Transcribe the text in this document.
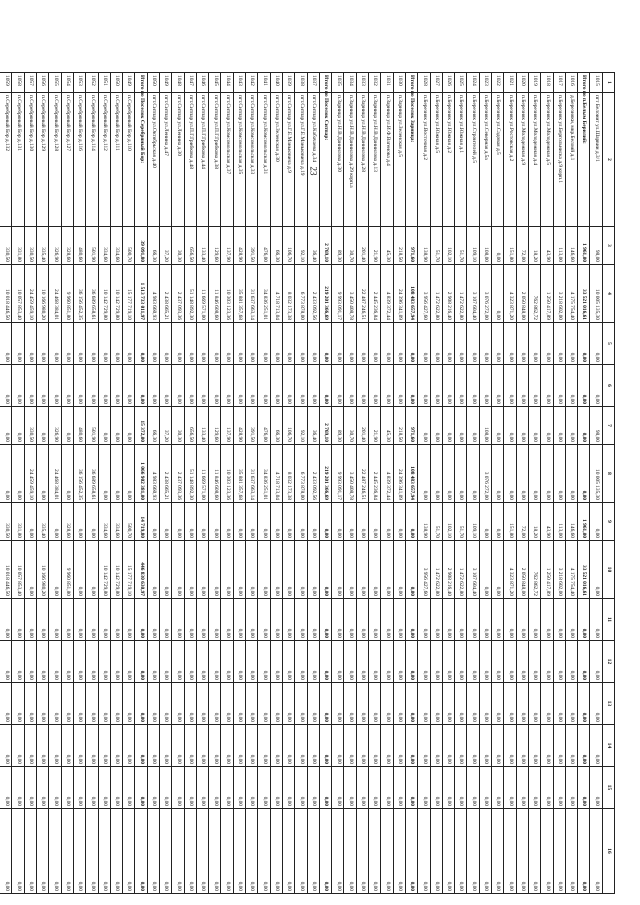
23
1	2	3	4	5	6	7	8	9	10	11	12	13	14	15	16
1015	пгт Белоиит ул.Шарвии д.3/1	98,00	10 005 135,30	0,00	0,00	98,00	10 005 135,30	0,00	0,00	0,00	0,00	0,00	0,00	0,00	0,00
Итого по п.Белым Берилий:		1 961,00	33 521 016,61	0,00	0,00	0,00	0,00	1 961,00	33 521 016,61	0,00	0,00	0,00	0,00	0,00	0,00
1016	д.Березняки, мкр.Белоий д.1	146,60	4 175 754,40	0,00	0,00	0,00	0,00	146,60	4 175 754,40	0,00	0,00	0,00	0,00	0,00	0,00
1017	п.Березняк ул.Бергольниска д.9 корп.1	113,00	3 218 602,00	0,00	0,00	0,00	0,00	113,00	3 218 602,00	0,00	0,00	0,00	0,00	0,00	0,00
1018	п.Березняк ул.Молодежная д.5	43,90	1 250 417,89	0,00	0,00	0,00	0,00	43,90	1 250 417,89	0,00	0,00	0,00	0,00	0,00	0,00
1019	п.Березняк ул.Молодежная д.4	18,20	762 862,72	0,00	0,00	0,00	0,00	18,20	762 862,72	0,00	0,00	0,00	0,00	0,00	0,00
1020	п.Березняк ул.Молодежная д.9	72,00	2 050 848,00	0,00	0,00	0,00	0,00	72,00	2 050 848,00	0,00	0,00	0,00	0,00	0,00	0,00
1021	п.Березняк ул.Ростовская д.2	151,80	4 323 871,20	0,00	0,00	0,00	0,00	151,80	4 323 871,20	0,00	0,00	0,00	0,00	0,00	0,00
1022	п.Березняк ул.Садовая д.5	0,00	0,00	0,00	0,00	0,00	0,00	0,00	0,00	0,00	0,00	0,00	0,00	0,00	0,00
1023	п.Березняк ул.Северная д.5а	108,00	3 076 272,00	0,00	0,00	108,00	3 076 272,00	0,00	0,00	0,00	0,00	0,00	0,00	0,00	0,00
1024	п.Березняк ул.Строителей д.5	109,10	3 107 604,40	0,00	0,00	0,00	0,00	109,10	3 107 604,40	0,00	0,00	0,00	0,00	0,00	0,00
1025	п.Березняк ул.Южная д.1	51,70	1 472 622,80	0,00	0,00	0,00	0,00	51,70	1 472 622,80	0,00	0,00	0,00	0,00	0,00	0,00
1026	п.Березняк ул.Южная д.2	102,10	2 908 216,40	0,00	0,00	0,00	0,00	102,10	2 908 216,40	0,00	0,00	0,00	0,00	0,00	0,00
1027	п.Березняк ул.Южная д.5	51,70	1 472 622,80	0,00	0,00	0,00	0,00	51,70	1 472 622,80	0,00	0,00	0,00	0,00	0,00	0,00
1028	п.Березняк ул.Восточная д.2	138,90	3 956 427,60	0,00	0,00	0,00	0,00	138,90	3 956 427,60	0,00	0,00	0,00	0,00	0,00	0,00
Итого по Поселок Зарница:		971,60	108 483 657,94	0,00	0,00	971,60	108 483 657,94	0,00	0,00	0,00	0,00	0,00	0,00	0,00	0,00
1030	п.Зарница ул.Зеленская д.5	218,50	24 396 341,09	0,00	0,00	218,50	24 396 341,09	0,00	0,00	0,00	0,00	0,00	0,00	0,00	0,00
1031	п.Зарница ул.И.Ф.Вагенова д.4	45,30	4 839 372,44	0,00	0,00	45,30	4 839 372,44	0,00	0,00	0,00	0,00	0,00	0,00	0,00	0,00
1032	п.Зарница ул.Н.В.Даниилова д.13	21,90	2 445 236,84	0,00	0,00	21,90	2 445 236,84	0,00	0,00	0,00	0,00	0,00	0,00	0,00	0,00
1033	п.Зарница ул.Н.В.Даниилова д.28	201,40	22 487 246,51	0,00	0,00	201,40	22 487 246,51	0,00	0,00	0,00	0,00	0,00	0,00	0,00	0,00
1034	п.Зарница ул.Н.В.Даниилова д.29 корп.а	30,70	3 450 408,78	0,00	0,00	30,70	3 450 408,78	0,00	0,00	0,00	0,00	0,00	0,00	0,00	0,00
1035	п.Зарница ул.Н.В.Даниилова д.30	89,30	9 993 091,17	0,00	0,00	89,30	9 993 091,17	0,00	0,00	0,00	0,00	0,00	0,00	0,00	0,00
Итого по Поселок Ситпар:		2 769,10	219 201 366,69	0,00	0,00	2 769,10	219 201 366,69	0,00	0,00	0,00	0,00	0,00	0,00	0,00	0,00
1037	пгт.Ситпар ул.Кабачаева д.34	36,40	2 433 092,56	0,00	0,00	36,40	2 433 092,56	0,00	0,00	0,00	0,00	0,00	0,00	0,00	0,00
1038	пгт.Ситпар ул.Г.Е.Маньковича д.19	92,10	6 773 878,00	0,00	0,00	92,10	6 773 878,00	0,00	0,00	0,00	0,00	0,00	0,00	0,00	0,00
1039	пгт.Ситпар ул.Г.Е.Маньковича д.9	106,70	8 032 173,38	0,00	0,00	106,70	8 032 173,38	0,00	0,00	0,00	0,00	0,00	0,00	0,00	0,00
1040	пгт.Ситпар ул.Зеленская д.30	66,30	4 718 713,04	0,00	0,00	66,30	4 718 713,04	0,00	0,00	0,00	0,00	0,00	0,00	0,00	0,00
1041	пгт.Ситпар ул.Комсомольская д.31	476,00	34 836 251,01	0,00	0,00	476,00	34 836 251,01	0,00	0,00	0,00	0,00	0,00	0,00	0,00	0,00
1042	пгт.Ситпар ул.Комсомольская д.33	391,50	31 637 663,14	0,00	0,00	391,50	31 637 663,14	0,00	0,00	0,00	0,00	0,00	0,00	0,00	0,00
1043	пгт.Ситпар ул.Комсомольская д.35	428,90	35 881 357,68	0,00	0,00	428,90	35 881 357,68	0,00	0,00	0,00	0,00	0,00	0,00	0,00	0,00
1044	пгт.Ситпар ул.Комсомольская д.37	137,90	10 303 123,36	0,00	0,00	137,90	10 303 123,36	0,00	0,00	0,00	0,00	0,00	0,00	0,00	0,00
1045	пгт.Ситпар ул.П.Г.Грибкова д.38	129,60	11 846 608,60	0,00	0,00	129,60	11 846 608,60	0,00	0,00	0,00	0,00	0,00	0,00	0,00	0,00
1046	пгт.Ситпар ул.П.Г.Грибкова д.44	133,40	11 669 571,00	0,00	0,00	133,40	11 669 571,00	0,00	0,00	0,00	0,00	0,00	0,00	0,00	0,00
1047	пгт.Ситпар ул.П.Г.Грибкова д.48	656,50	51 148 892,30	0,00	0,00	656,50	51 148 892,30	0,00	0,00	0,00	0,00	0,00	0,00	0,00	0,00
1048	пгт.Ситпар ул.Ленина д.30	30,30	2 437 093,36	0,00	0,00	30,30	2 437 093,36	0,00	0,00	0,00	0,00	0,00	0,00	0,00	0,00
1049	пгт.Ситпар ул.Ленина д.47	37,20	2 438 665,21	0,00	0,00	37,20	2 438 665,21	0,00	0,00	0,00	0,00	0,00	0,00	0,00	0,00
1050	пгт.Ситпар ул.Октябрьская д.40	66,30	4 983 660,93	0,00	0,00	66,30	4 983 660,93	0,00	0,00	0,00	0,00	0,00	0,00	0,00	0,00
Итого по Поселок Серебряный Бор:		39 091,80	1 513 733 011,97	0,00	0,00	15 372,00	1 066 902 381,00	14 719,80	446 830 630,97	0,00	0,00	0,00	0,00	0,00	0,00
1049	п.Серебряный Бор д.110	500,70	15 177 719,10	0,00	0,00	0,00	0,00	500,70	15 177 719,10	0,00	0,00	0,00	0,00	0,00	0,00
1050	п.Серебряный Бор д.111	334,60	10 142 729,80	0,00	0,00	0,00	0,00	334,60	10 142 729,80	0,00	0,00	0,00	0,00	0,00	0,00
1051	п.Серебряный Бор д.112	334,60	10 142 729,80	0,00	0,00	0,00	0,00	334,60	10 142 729,80	0,00	0,00	0,00	0,00	0,00	0,00
1052	п.Серебряный Бор д.114	501,90	36 689 658,61	0,00	0,00	501,90	36 689 658,61	0,00	0,00	0,00	0,00	0,00	0,00	0,00	0,00
1053	п.Серебряный Бор д.116	480,60	36 156 452,35	0,00	0,00	480,60	36 156 452,35	0,00	0,00	0,00	0,00	0,00	0,00	0,00	0,00
1054	п.Серебряный Бор д.127	328,60	9 960 851,80	0,00	0,00	0,00	0,00	328,60	9 960 851,80	0,00	0,00	0,00	0,00	0,00	0,00
1055	п.Серебряный Бор д.128	326,90	24 468 384,01	0,00	0,00	326,90	24 468 384,01	0,00	0,00	0,00	0,00	0,00	0,00	0,00	0,00
1056	п.Серебряный Бор д.129	335,40	10 166 980,20	0,00	0,00	0,00	0,00	335,40	10 166 980,20	0,00	0,00	0,00	0,00	0,00	0,00
1057	п.Серебряный Бор д.130	330,50	24 459 459,10	0,00	0,00	330,50	24 459 459,10	0,00	0,00	0,00	0,00	0,00	0,00	0,00	0,00
1058	п.Серебряный Бор д.131	331,80	10 057 853,40	0,00	0,00	0,00	0,00	331,80	10 057 853,40	0,00	0,00	0,00	0,00	0,00	0,00
1059	п.Серебряный Бор д.132	330,50	10 018 446,50	0,00	0,00	0,00	0,00	330,50	10 018 446,50	0,00	0,00	0,00	0,00	0,00	0,00
